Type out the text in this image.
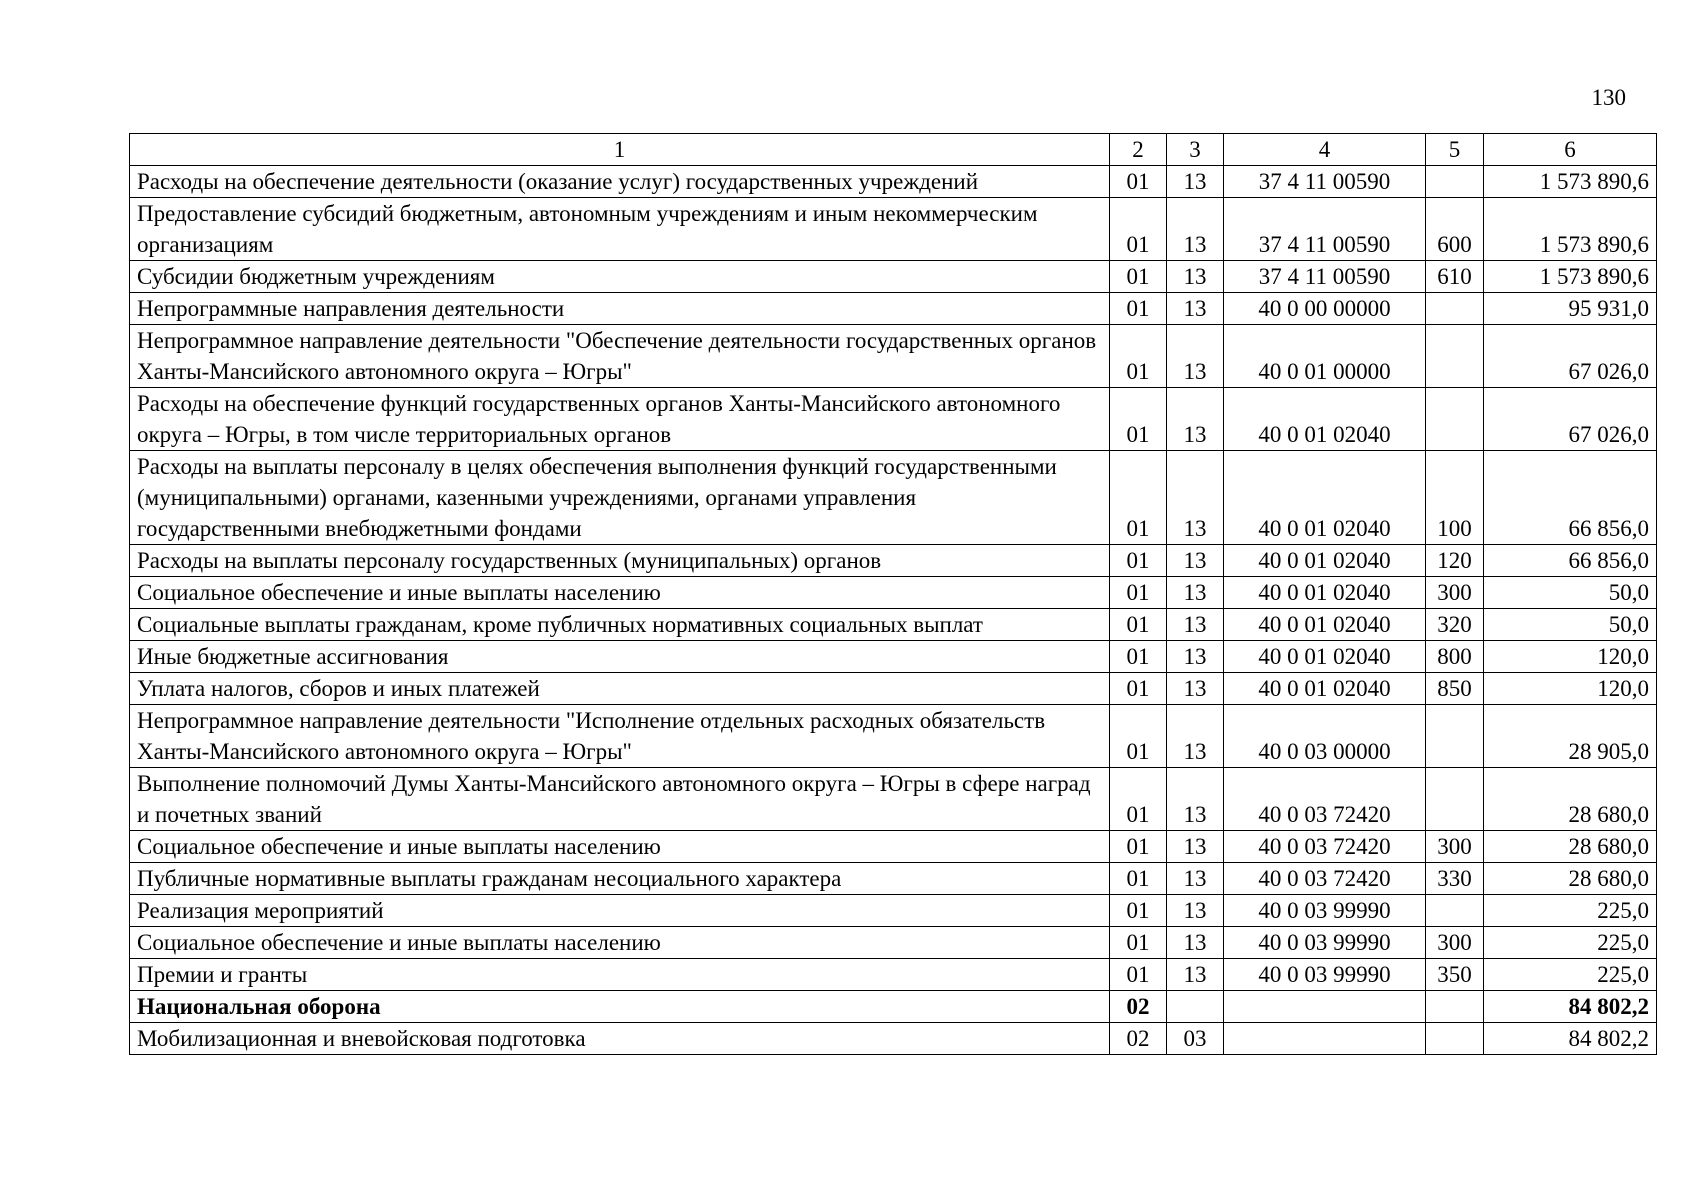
130
1	2	3	4	5	6
Расходы на обеспечение деятельности (оказание услуг) государственных учреждений	01	13	37 4 11 00590		1 573 890,6
Предоставление субсидий бюджетным, автономным учреждениям и иным некоммерческим организациям	01	13	37 4 11 00590	600	1 573 890,6
Субсидии бюджетным учреждениям	01	13	37 4 11 00590	610	1 573 890,6
Непрограммные направления деятельности	01	13	40 0 00 00000		95 931,0
Непрограммное направление деятельности "Обеспечение деятельности государственных органов Ханты-Мансийского автономного округа – Югры"	01	13	40 0 01 00000		67 026,0
Расходы на обеспечение функций государственных органов Ханты-Мансийского автономного округа – Югры, в том числе территориальных органов	01	13	40 0 01 02040		67 026,0
Расходы на выплаты персоналу в целях обеспечения выполнения функций государственными (муниципальными) органами, казенными учреждениями, органами управления государственными внебюджетными фондами	01	13	40 0 01 02040	100	66 856,0
Расходы на выплаты персоналу государственных (муниципальных) органов	01	13	40 0 01 02040	120	66 856,0
Социальное обеспечение и иные выплаты населению	01	13	40 0 01 02040	300	50,0
Социальные выплаты гражданам, кроме публичных нормативных социальных выплат	01	13	40 0 01 02040	320	50,0
Иные бюджетные ассигнования	01	13	40 0 01 02040	800	120,0
Уплата налогов, сборов и иных платежей	01	13	40 0 01 02040	850	120,0
Непрограммное направление деятельности "Исполнение отдельных расходных обязательств Ханты-Мансийского автономного округа – Югры"	01	13	40 0 03 00000		28 905,0
Выполнение полномочий Думы Ханты-Мансийского автономного округа – Югры в сфере наград и почетных званий	01	13	40 0 03 72420		28 680,0
Социальное обеспечение и иные выплаты населению	01	13	40 0 03 72420	300	28 680,0
Публичные нормативные выплаты гражданам несоциального характера	01	13	40 0 03 72420	330	28 680,0
Реализация мероприятий	01	13	40 0 03 99990		225,0
Социальное обеспечение и иные выплаты населению	01	13	40 0 03 99990	300	225,0
Премии и гранты	01	13	40 0 03 99990	350	225,0
Национальная оборона	02				84 802,2
Мобилизационная и вневойсковая подготовка	02	03			84 802,2
